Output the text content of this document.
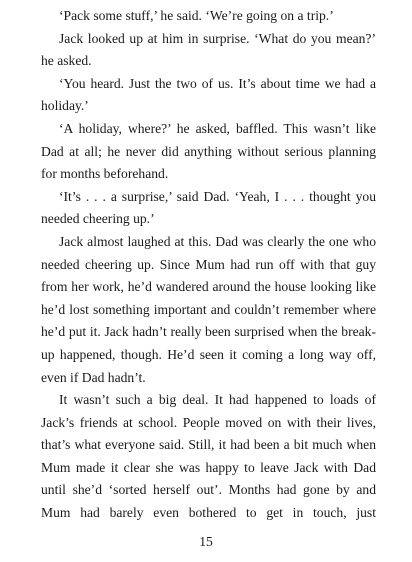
‘Pack some stuff,’ he said. ‘We’re going on a trip.’

Jack looked up at him in surprise. ‘What do you mean?’ he asked.

‘You heard. Just the two of us. It’s about time we had a holiday.’

‘A holiday, where?’ he asked, baffled. This wasn’t like Dad at all; he never did anything without serious planning for months beforehand.

‘It’s . . . a surprise,’ said Dad. ‘Yeah, I . . . thought you needed cheering up.’

Jack almost laughed at this. Dad was clearly the one who needed cheering up. Since Mum had run off with that guy from her work, he’d wandered around the house looking like he’d lost something important and couldn’t remember where he’d put it. Jack hadn’t really been surprised when the break-up happened, though. He’d seen it coming a long way off, even if Dad hadn’t.

It wasn’t such a big deal. It had happened to loads of Jack’s friends at school. People moved on with their lives, that’s what everyone said. Still, it had been a bit much when Mum made it clear she was happy to leave Jack with Dad until she’d ‘sorted herself out’. Months had gone by and Mum had barely even bothered to get in touch, just

15
